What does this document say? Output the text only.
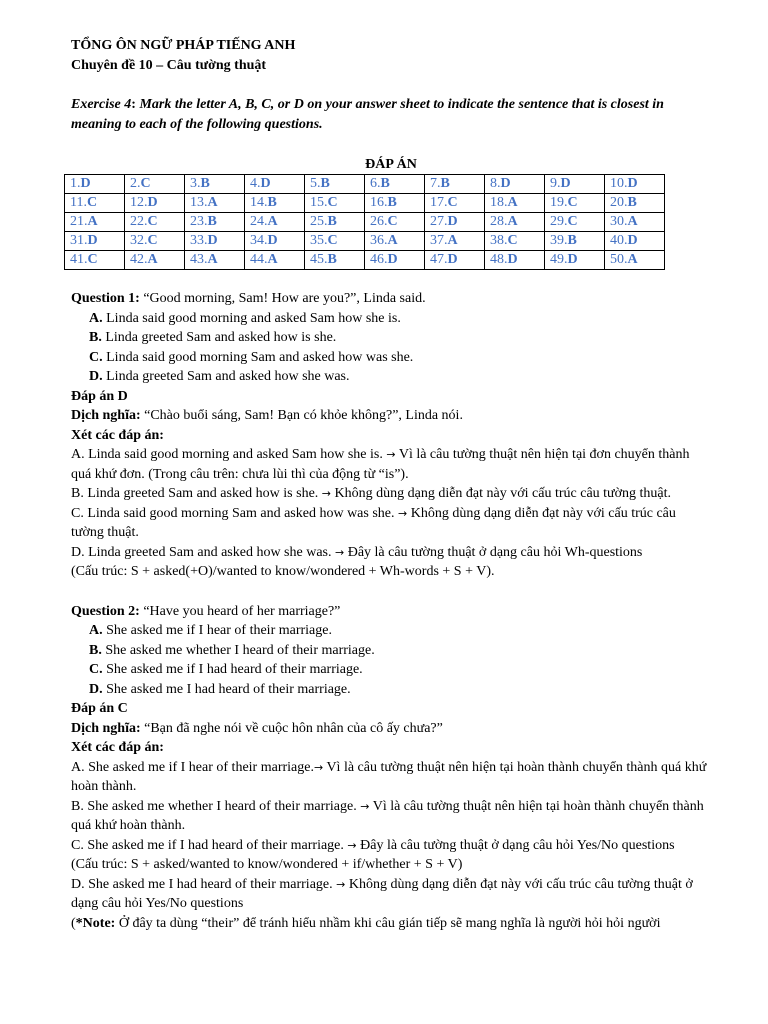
TỔNG ÔN NGỮ PHÁP TIẾNG ANH
Chuyên đề 10 – Câu tường thuật
Exercise 4: Mark the letter A, B, C, or D on your answer sheet to indicate the sentence that is closest in meaning to each of the following questions.
ĐÁP ÁN
1.D	2.C	3.B	4.D	5.B	6.B	7.B	8.D	9.D	10.D
11.C	12.D	13.A	14.B	15.C	16.B	17.C	18.A	19.C	20.B
21.A	22.C	23.B	24.A	25.B	26.C	27.D	28.A	29.C	30.A
31.D	32.C	33.D	34.D	35.C	36.A	37.A	38.C	39.B	40.D
41.C	42.A	43.A	44.A	45.B	46.D	47.D	48.D	49.D	50.A
Question 1: “Good morning, Sam! How are you?”, Linda said.
A. Linda said good morning and asked Sam how she is.
B. Linda greeted Sam and asked how is she.
C. Linda said good morning Sam and asked how was she.
D. Linda greeted Sam and asked how she was.
Đáp án D
Dịch nghĩa: “Chào buổi sáng, Sam! Bạn có khỏe không?”, Linda nói.
Xét các đáp án:
A. Linda said good morning and asked Sam how she is. → Vì là câu tường thuật nên hiện tại đơn chuyển thành quá khứ đơn. (Trong câu trên: chưa lùi thì của động từ “is”).
B. Linda greeted Sam and asked how is she. → Không dùng dạng diễn đạt này với cấu trúc câu tường thuật.
C. Linda said good morning Sam and asked how was she. → Không dùng dạng diễn đạt này với cấu trúc câu tường thuật.
D. Linda greeted Sam and asked how she was. → Đây là câu tường thuật ở dạng câu hỏi Wh-questions
(Cấu trúc: S + asked(+O)/wanted to know/wondered + Wh-words + S + V).
Question 2: “Have you heard of her marriage?”
A. She asked me if I hear of their marriage.
B. She asked me whether I heard of their marriage.
C. She asked me if I had heard of their marriage.
D. She asked me I had heard of their marriage.
Đáp án C
Dịch nghĩa: “Bạn đã nghe nói về cuộc hôn nhân của cô ấy chưa?”
Xét các đáp án:
A. She asked me if I hear of their marriage.→ Vì là câu tường thuật nên hiện tại hoàn thành chuyển thành quá khứ hoàn thành.
B. She asked me whether I heard of their marriage. → Vì là câu tường thuật nên hiện tại hoàn thành chuyển thành quá khứ hoàn thành.
C. She asked me if I had heard of their marriage. → Đây là câu tường thuật ở dạng câu hỏi Yes/No questions
(Cấu trúc: S + asked/wanted to know/wondered + if/whether + S + V)
D. She asked me I had heard of their marriage. → Không dùng dạng diễn đạt này với cấu trúc câu tường thuật ở dạng câu hỏi Yes/No questions
(*Note: Ở đây ta dùng “their” để tránh hiểu nhầm khi câu gián tiếp sẽ mang nghĩa là người hỏi hỏi người
